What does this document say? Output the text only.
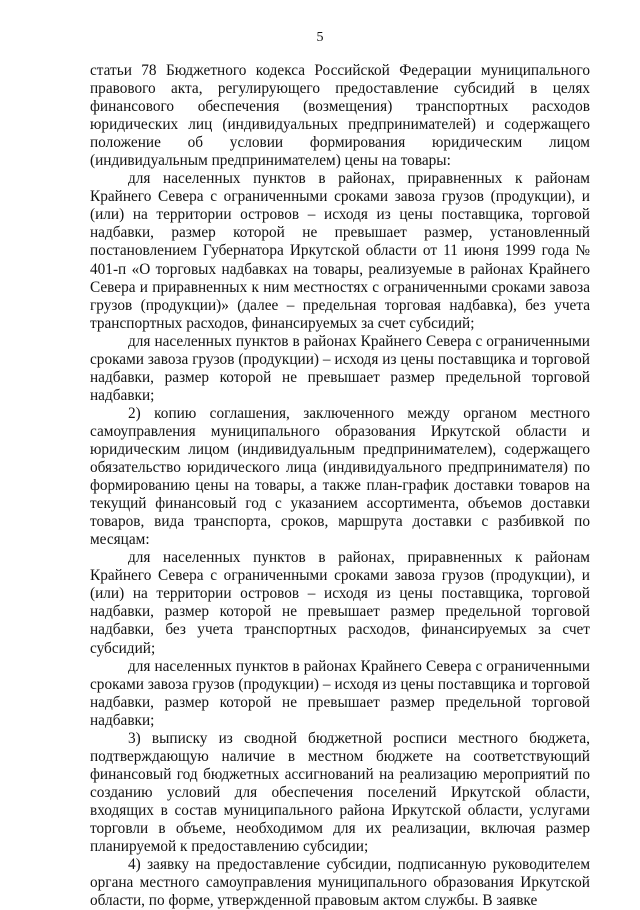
5

статьи 78 Бюджетного кодекса Российской Федерации муниципального правового акта, регулирующего предоставление субсидий в целях финансового обеспечения (возмещения) транспортных расходов юридических лиц (индивидуальных предпринимателей) и содержащего положение об условии формирования юридическим лицом (индивидуальным предпринимателем) цены на товары:

для населенных пунктов в районах, приравненных к районам Крайнего Севера с ограниченными сроками завоза грузов (продукции), и (или) на территории островов – исходя из цены поставщика, торговой надбавки, размер которой не превышает размер, установленный постановлением Губернатора Иркутской области от 11 июня 1999 года № 401-п «О торговых надбавках на товары, реализуемые в районах Крайнего Севера и приравненных к ним местностях с ограниченными сроками завоза грузов (продукции)» (далее – предельная торговая надбавка), без учета транспортных расходов, финансируемых за счет субсидий;

для населенных пунктов в районах Крайнего Севера с ограниченными сроками завоза грузов (продукции) – исходя из цены поставщика и торговой надбавки, размер которой не превышает размер предельной торговой надбавки;

2) копию соглашения, заключенного между органом местного самоуправления муниципального образования Иркутской области и юридическим лицом (индивидуальным предпринимателем), содержащего обязательство юридического лица (индивидуального предпринимателя) по формированию цены на товары, а также план-график доставки товаров на текущий финансовый год с указанием ассортимента, объемов доставки товаров, вида транспорта, сроков, маршрута доставки с разбивкой по месяцам:

для населенных пунктов в районах, приравненных к районам Крайнего Севера с ограниченными сроками завоза грузов (продукции), и (или) на территории островов – исходя из цены поставщика, торговой надбавки, размер которой не превышает размер предельной торговой надбавки, без учета транспортных расходов, финансируемых за счет субсидий;

для населенных пунктов в районах Крайнего Севера с ограниченными сроками завоза грузов (продукции) – исходя из цены поставщика и торговой надбавки, размер которой не превышает размер предельной торговой надбавки;

3) выписку из сводной бюджетной росписи местного бюджета, подтверждающую наличие в местном бюджете на соответствующий финансовый год бюджетных ассигнований на реализацию мероприятий по созданию условий для обеспечения поселений Иркутской области, входящих в состав муниципального района Иркутской области, услугами торговли в объеме, необходимом для их реализации, включая размер планируемой к предоставлению субсидии;

4) заявку на предоставление субсидии, подписанную руководителем органа местного самоуправления муниципального образования Иркутской области, по форме, утвержденной правовым актом службы. В заявке
